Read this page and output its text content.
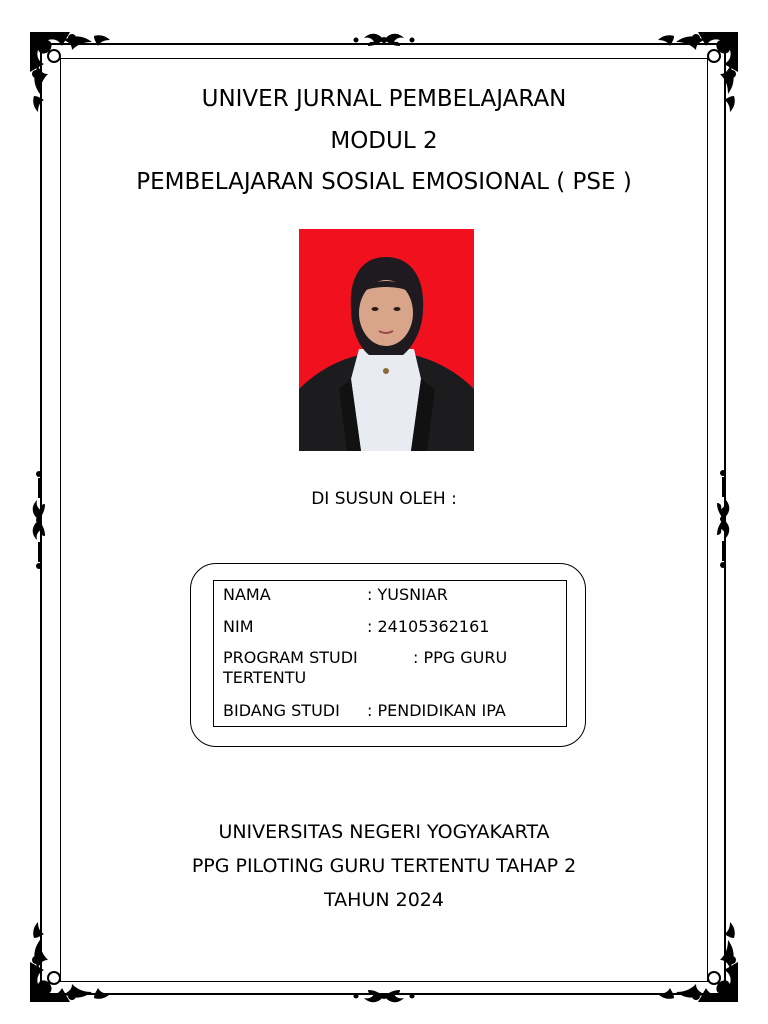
UNIVER JURNAL PEMBELAJARAN
MODUL 2
PEMBELAJARAN SOSIAL EMOSIONAL ( PSE )
DI SUSUN OLEH :
NAMA	: YUSNIAR
NIM	: 24105362161
PROGRAM STUDI	: PPG GURU
TERTENTU
BIDANG STUDI : PENDIDIKAN IPA
UNIVERSITAS NEGERI YOGYAKARTA
PPG PILOTING GURU TERTENTU TAHAP 2
TAHUN 2024
